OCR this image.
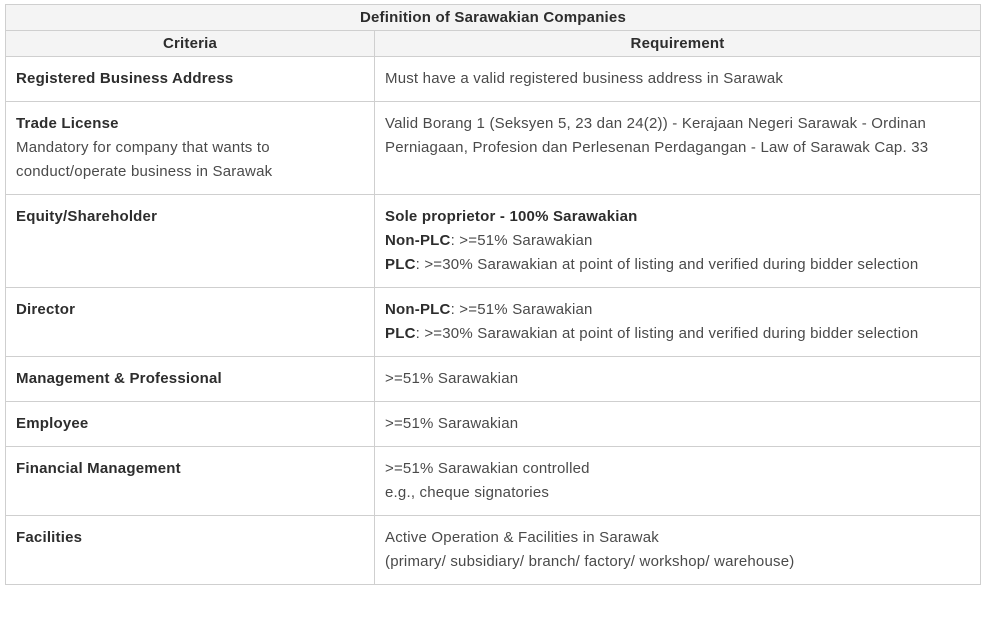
Definition of Sarawakian Companies	
Criteria	Requirement

Registered Business Address	Must have a valid registered business address in Sarawak

Trade License
Mandatory for company that wants to conduct/operate business in Sarawak	Valid Borang 1 (Seksyen 5, 23 dan 24(2)) - Kerajaan Negeri Sarawak - Ordinan Perniagaan, Profesion dan Perlesenan Perdagangan - Law of Sarawak Cap. 33

Equity/Shareholder	Sole proprietor - 100% Sarawakian
Non-PLC: >=51% Sarawakian
PLC: >=30% Sarawakian at point of listing and verified during bidder selection

Director	Non-PLC: >=51% Sarawakian
PLC: >=30% Sarawakian at point of listing and verified during bidder selection

Management & Professional	>=51% Sarawakian

Employee	>=51% Sarawakian

Financial Management	>=51% Sarawakian controlled
e.g., cheque signatories

Facilities	Active Operation & Facilities in Sarawak
(primary/ subsidiary/ branch/ factory/ workshop/ warehouse)
